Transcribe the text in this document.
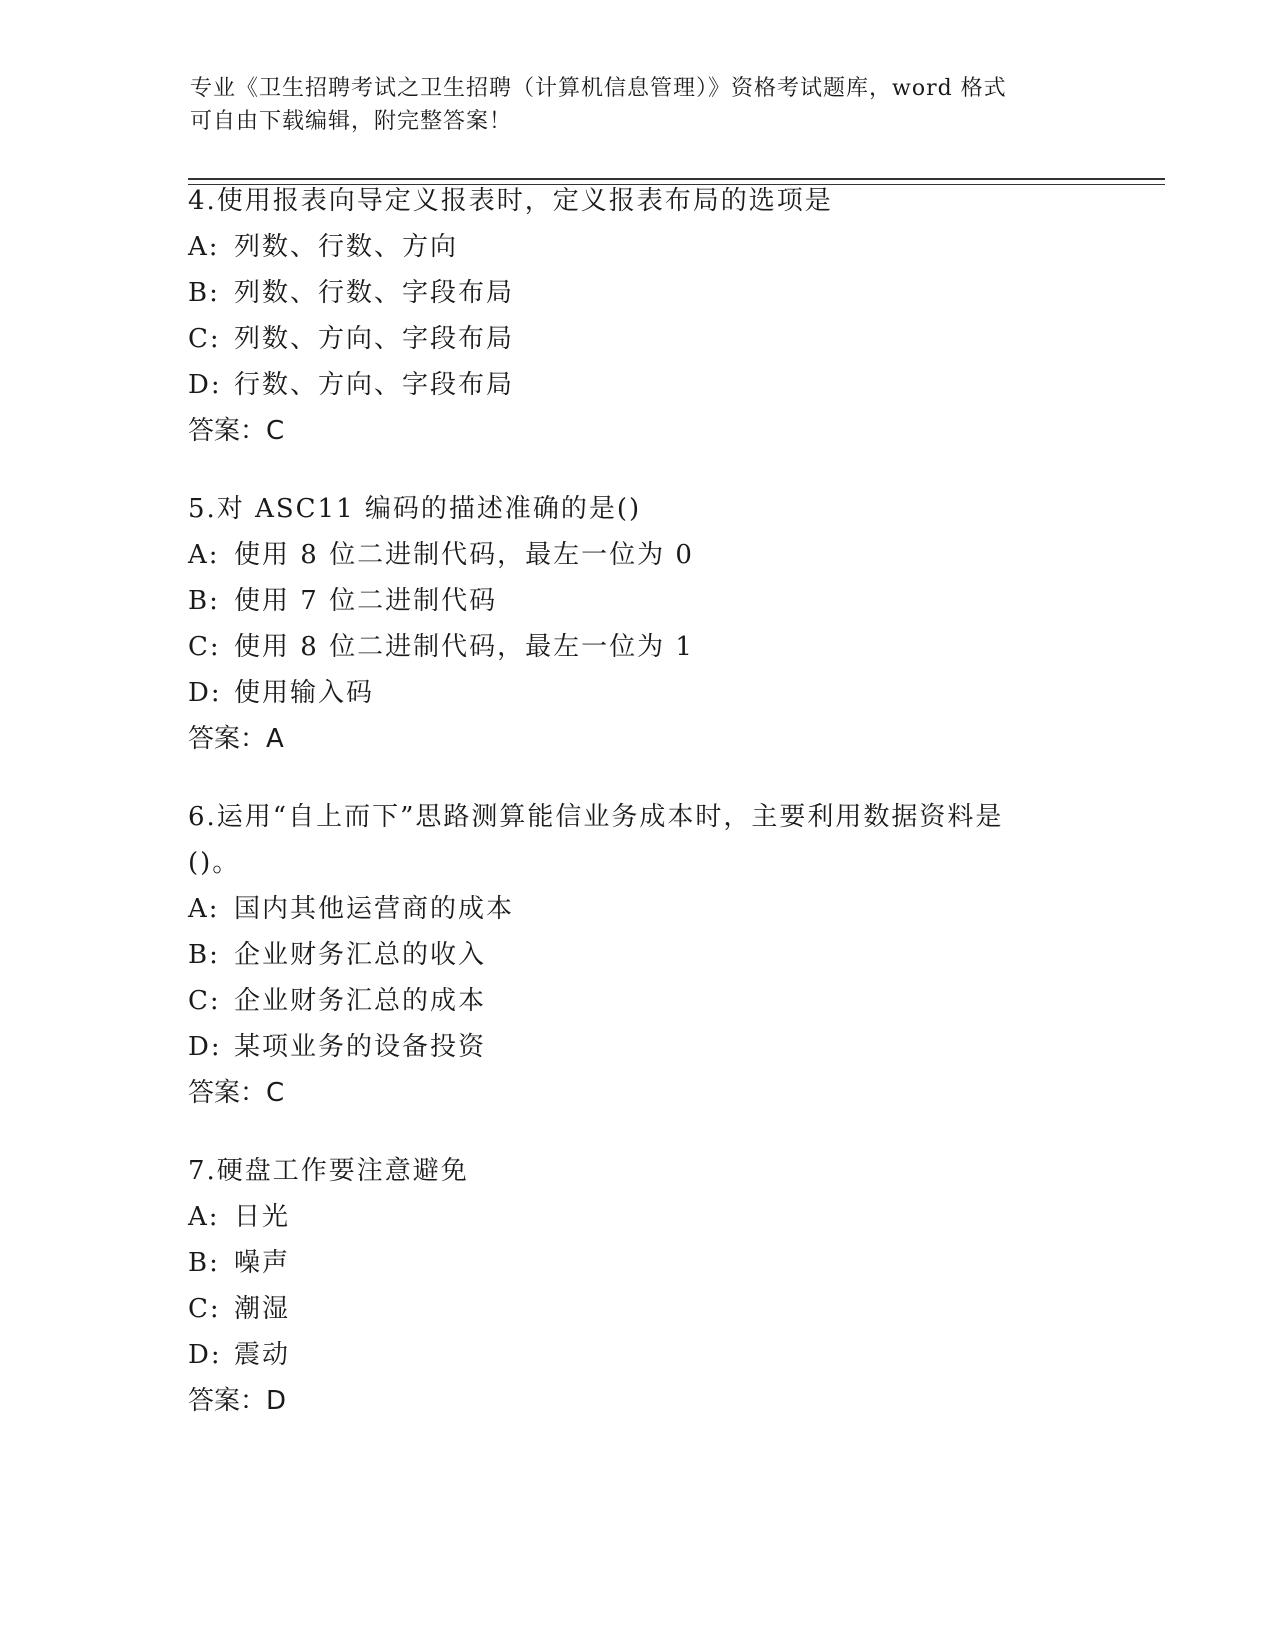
专业《卫生招聘考试之卫生招聘（计算机信息管理）》资格考试题库，word 格式
可自由下载编辑，附完整答案！
4.使用报表向导定义报表时，定义报表布局的选项是
A: 列数、行数、方向
B: 列数、行数、字段布局
C: 列数、方向、字段布局
D: 行数、方向、字段布局
答案：C
5.对 ASC11 编码的描述准确的是()
A: 使用 8 位二进制代码，最左一位为 0
B: 使用 7 位二进制代码
C: 使用 8 位二进制代码，最左一位为 1
D: 使用输入码
答案：A
6.运用“自上而下”思路测算能信业务成本时，主要利用数据资料是
()。
A: 国内其他运营商的成本
B: 企业财务汇总的收入
C: 企业财务汇总的成本
D: 某项业务的设备投资
答案：C
7.硬盘工作要注意避免
A: 日光
B: 噪声
C: 潮湿
D: 震动
答案：D
